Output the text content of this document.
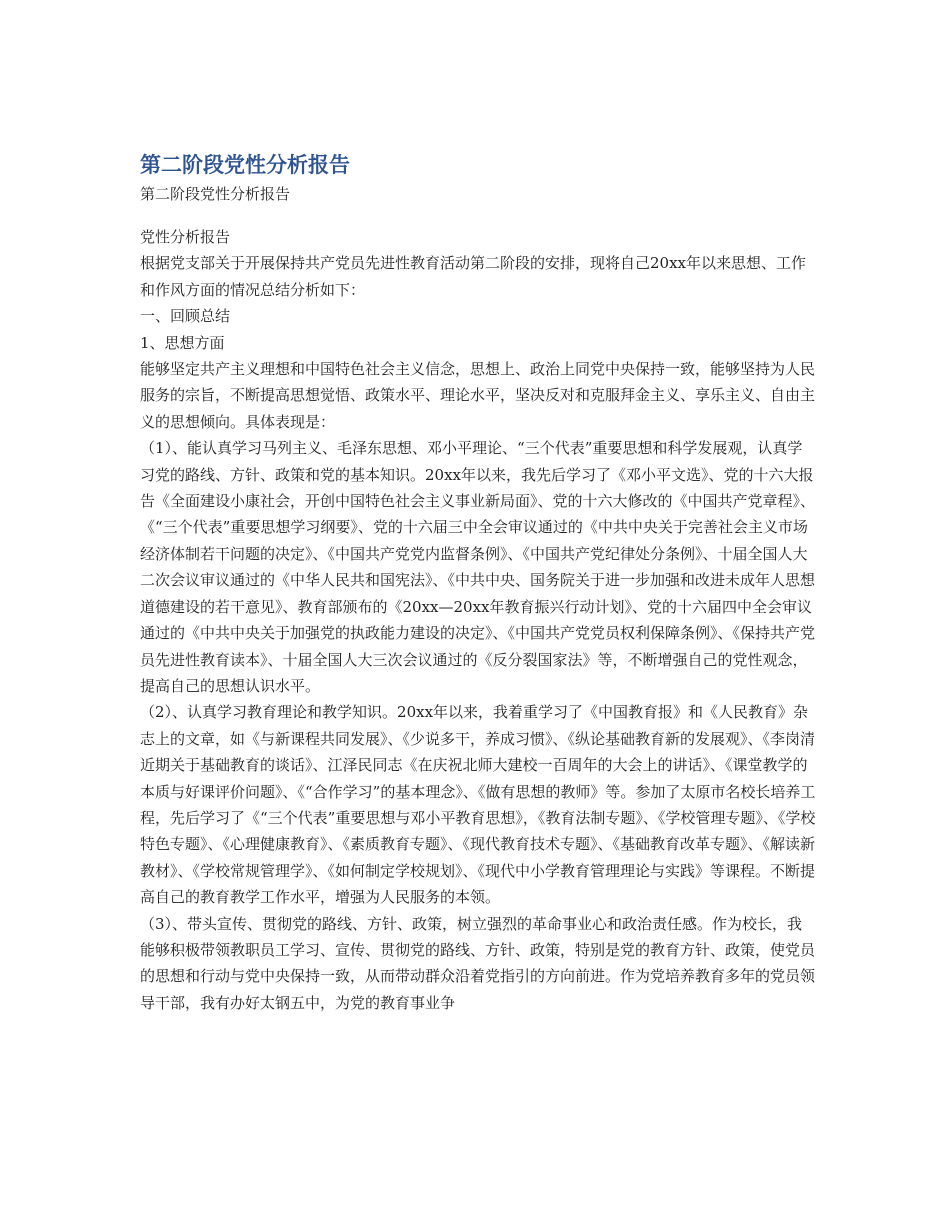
第二阶段党性分析报告

第二阶段党性分析报告

党性分析报告

根据党支部关于开展保持共产党员先进性教育活动第二阶段的安排，现将自己20xx年以来思想、工作和作风方面的情况总结分析如下：

一、回顾总结

1、思想方面

能够坚定共产主义理想和中国特色社会主义信念，思想上、政治上同党中央保持一致，能够坚持为人民服务的宗旨，不断提高思想觉悟、政策水平、理论水平，坚决反对和克服拜金主义、享乐主义、自由主义的思想倾向。具体表现是：

（1）、能认真学习马列主义、毛泽东思想、邓小平理论、“三个代表”重要思想和科学发展观，认真学习党的路线、方针、政策和党的基本知识。20xx年以来，我先后学习了《邓小平文选》、党的十六大报告《全面建设小康社会，开创中国特色社会主义事业新局面》、党的十六大修改的《中国共产党章程》、《“三个代表”重要思想学习纲要》、党的十六届三中全会审议通过的《中共中央关于完善社会主义市场经济体制若干问题的决定》、《中国共产党党内监督条例》、《中国共产党纪律处分条例》、十届全国人大二次会议审议通过的《中华人民共和国宪法》、《中共中央、国务院关于进一步加强和改进未成年人思想道德建设的若干意见》、教育部颁布的《20xx—20xx年教育振兴行动计划》、党的十六届四中全会审议通过的《中共中央关于加强党的执政能力建设的决定》、《中国共产党党员权利保障条例》、《保持共产党员先进性教育读本》、十届全国人大三次会议通过的《反分裂国家法》等，不断增强自己的党性观念，提高自己的思想认识水平。

（2）、认真学习教育理论和教学知识。20xx年以来，我着重学习了《中国教育报》和《人民教育》杂志上的文章，如《与新课程共同发展》、《少说多干，养成习惯》、《纵论基础教育新的发展观》、《李岗清近期关于基础教育的谈话》、江泽民同志《在庆祝北师大建校一百周年的大会上的讲话》、《课堂教学的本质与好课评价问题》、《“合作学习”的基本理念》、《做有思想的教师》等。参加了太原市名校长培养工程，先后学习了《“三个代表”重要思想与邓小平教育思想》，《教育法制专题》、《学校管理专题》、《学校特色专题》、《心理健康教育》、《素质教育专题》、《现代教育技术专题》、《基础教育改革专题》、《解读新教材》、《学校常规管理学》、《如何制定学校规划》、《现代中小学教育管理理论与实践》等课程。不断提高自己的教育教学工作水平，增强为人民服务的本领。

（3）、带头宣传、贯彻党的路线、方针、政策，树立强烈的革命事业心和政治责任感。作为校长，我能够积极带领教职员工学习、宣传、贯彻党的路线、方针、政策，特别是党的教育方针、政策，使党员的思想和行动与党中央保持一致，从而带动群众沿着党指引的方向前进。作为党培养教育多年的党员领导干部，我有办好太钢五中，为党的教育事业争
